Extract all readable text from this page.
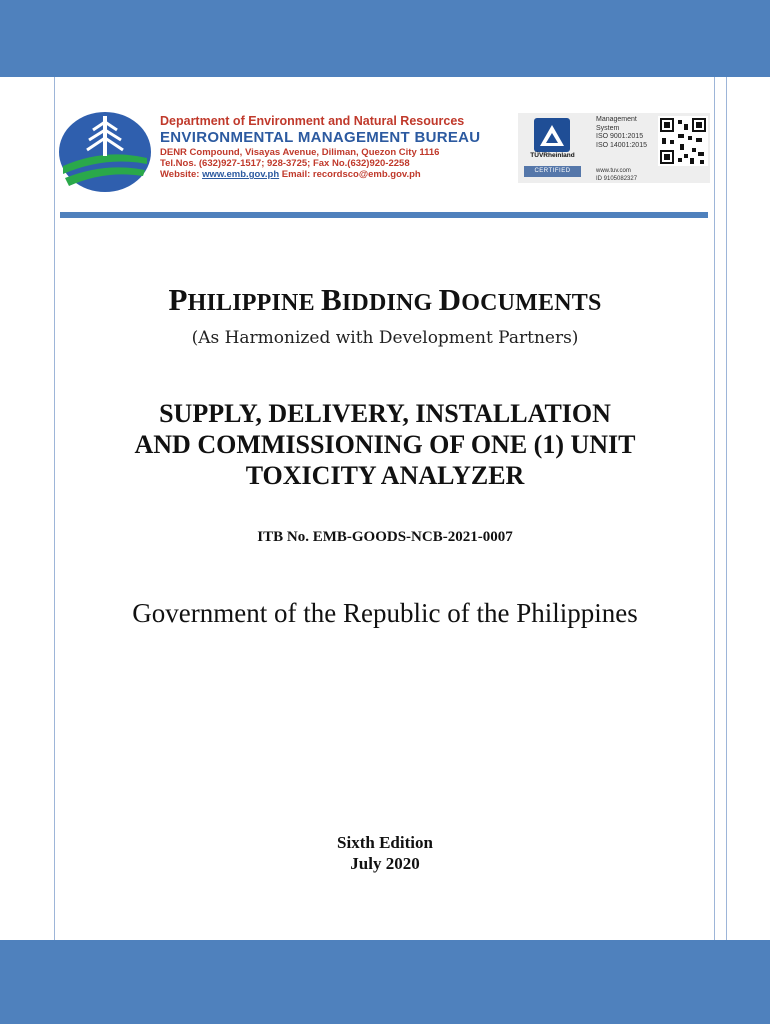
Department of Environment and Natural Resources
ENVIRONMENTAL MANAGEMENT BUREAU
DENR Compound, Visayas Avenue, Diliman, Quezon City 1116
Tel.Nos. (632)927-1517; 928-3725; Fax No.(632)920-2258
Website: www.emb.gov.ph Email: recordsco@emb.gov.ph
TÜVRheinland
CERTIFIED
Management
System
ISO 9001:2015
ISO 14001:2015
www.tuv.com
ID 9105082327
PHILIPPINE BIDDING DOCUMENTS
(As Harmonized with Development Partners)
SUPPLY, DELIVERY, INSTALLATION
AND COMMISSIONING OF ONE (1) UNIT
TOXICITY ANALYZER
ITB No. EMB-GOODS-NCB-2021-0007
Government of the Republic of the Philippines
Sixth Edition
July 2020
